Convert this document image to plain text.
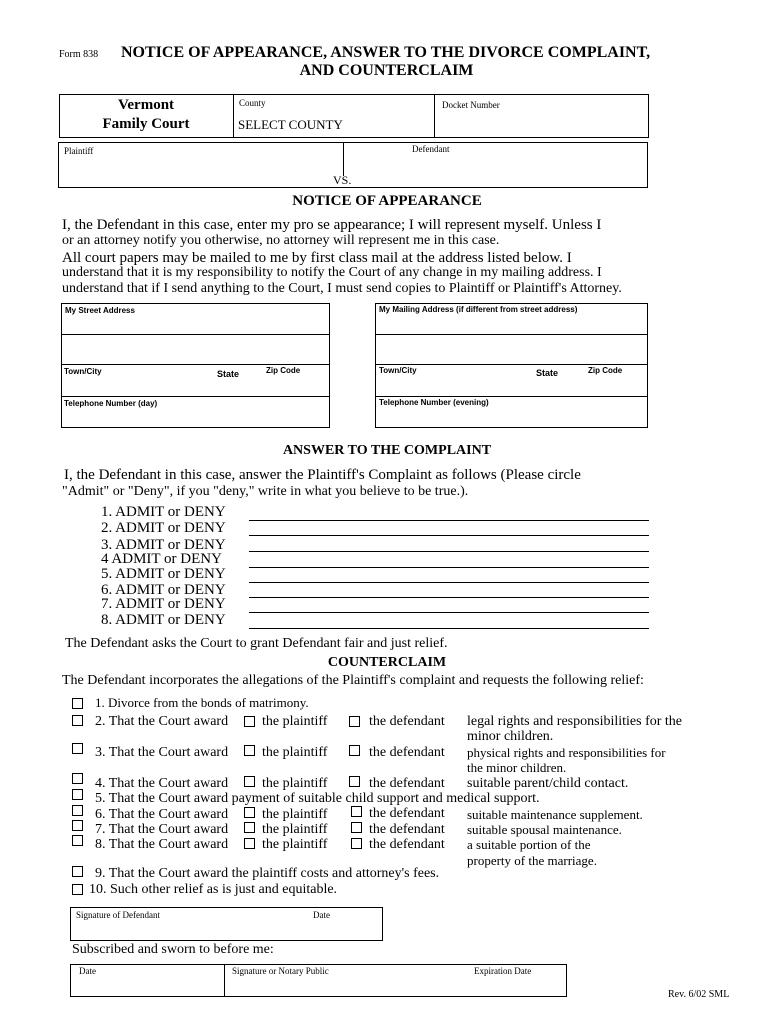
Form 838 NOTICE OF APPEARANCE, ANSWER TO THE DIVORCE COMPLAINT,
AND COUNTERCLAIM
Vermont
Family Court
County
SELECT COUNTY
Docket Number
Plaintiff	Defendant
VS.
NOTICE OF APPEARANCE
I, the Defendant in this case, enter my pro se appearance; I will represent myself. Unless I
or an attorney notify you otherwise, no attorney will represent me in this case.
All court papers may be mailed to me by first class mail at the address listed below. I
understand that it is my responsibility to notify the Court of any change in my mailing address. I
understand that if I send anything to the Court, I must send copies to Plaintiff or Plaintiff's Attorney.
My Street Address
Town/City	State	Zip Code
Telephone Number (day)
My Mailing Address (if different from street address)
Town/City	State	Zip Code
Telephone Number (evening)
ANSWER TO THE COMPLAINT
I, the Defendant in this case, answer the Plaintiff's Complaint as follows (Please circle
"Admit" or "Deny", if you "deny," write in what you believe to be true.).
1. ADMIT or DENY
2. ADMIT or DENY
3. ADMIT or DENY
4 ADMIT or DENY
5. ADMIT or DENY
6. ADMIT or DENY
7. ADMIT or DENY
8. ADMIT or DENY
The Defendant asks the Court to grant Defendant fair and just relief.
COUNTERCLAIM
The Defendant incorporates the allegations of the Plaintiff's complaint and requests the following relief:
1. Divorce from the bonds of matrimony.
2. That the Court award the plaintiff	the defendant legal rights and responsibilities for the
minor children.
3. That the Court award the plaintiff	the defendant physical rights and responsibilities for
the minor children.
4. That the Court award the plaintiff	the defendant suitable parent/child contact.
5. That the Court award payment of suitable child support and medical support.
6. That the Court award the plaintiff	the defendant suitable maintenance supplement.
7. That the Court award the plaintiff	the defendant suitable spousal maintenance.
8. That the Court award the plaintiff	the defendant a suitable portion of the
property of the marriage.
9. That the Court award the plaintiff costs and attorney's fees.
10. Such other relief as is just and equitable.
Signature of Defendant	Date
Subscribed and sworn to before me:
Date	Signature or Notary Public	Expiration Date
Rev. 6/02 SML
